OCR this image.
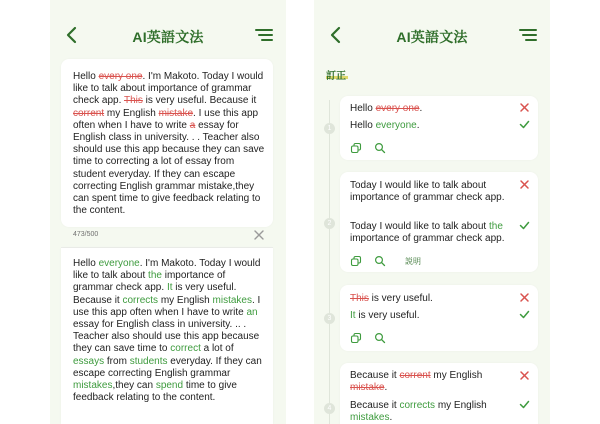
AI英語文法
Hello every one. I'm Makoto. Today I would like to talk about importance of grammar check app. This is very useful. Because it corrent my English mistake. I use this app often when I have to write a essay for English class in university. . . Teacher also should use this app because they can save time to correcting a lot of essay from student everyday. If they can escape correcting English grammar mistake,they can spent time to give feedback relating to the content.
473/500
Hello everyone. I'm Makoto. Today I would like to talk about the importance of grammar check app. It is very useful. Because it corrects my English mistakes. I use this app often when I have to write an essay for English class in university. .. . Teacher also should use this app because they can save time to correct a lot of essays from students everyday. If they can escape correcting English grammar mistakes,they can spend time to give feedback relating to the content.
AI英語文法
訂正
1
Hello every one.
Hello everyone.
2
Today I would like to talk about importance of grammar check app.
Today I would like to talk about the importance of grammar check app.
説明
3
This is very useful.
It is very useful.
4
Because it corrent my English mistake.
Because it corrects my English mistakes.
